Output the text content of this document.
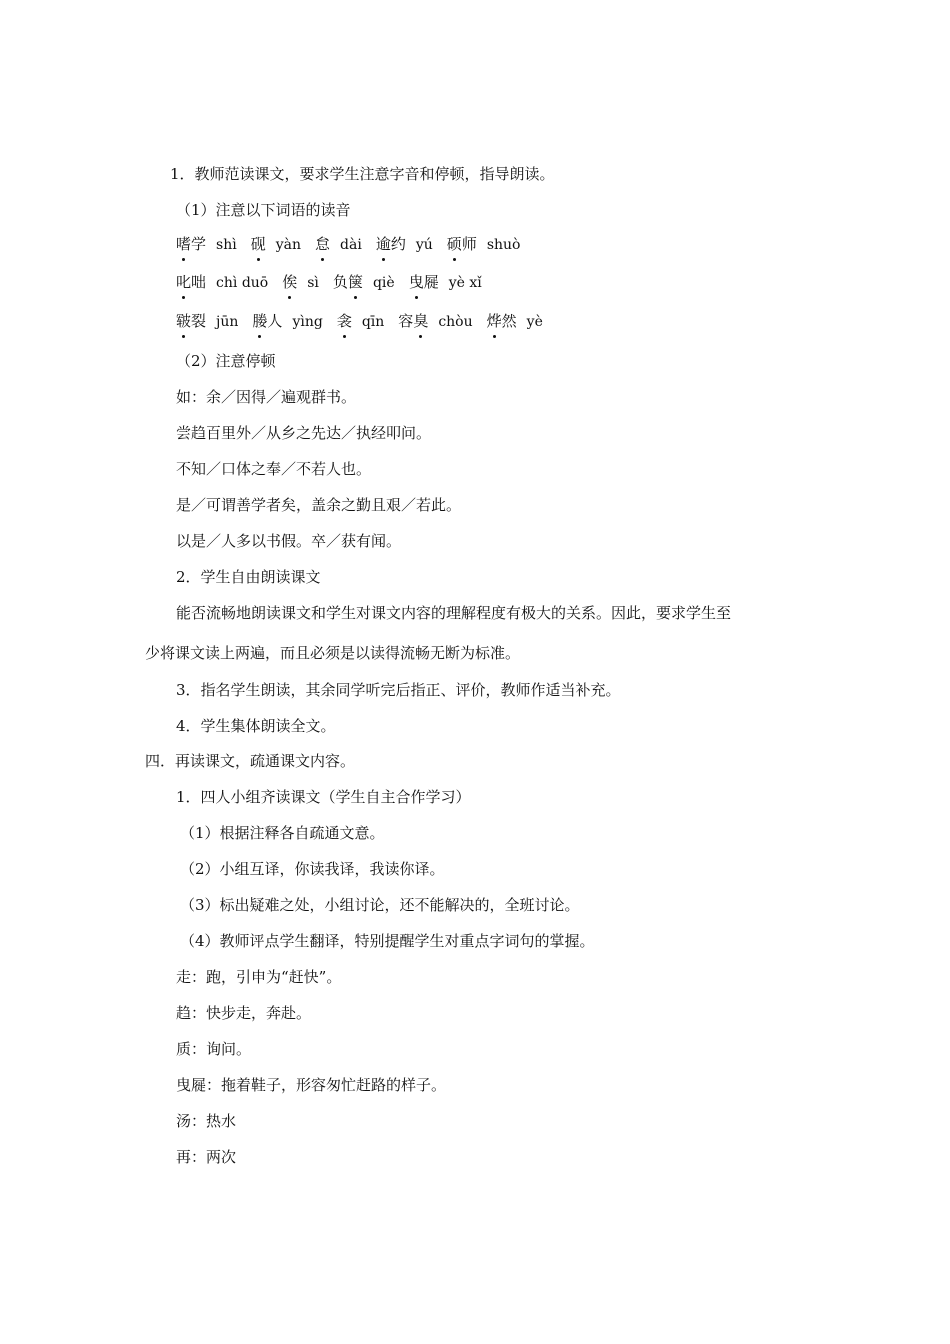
1．教师范读课文，要求学生注意字音和停顿，指导朗读。
（1）注意以下词语的读音
嗜学 shì 砚 yàn 怠 dài 逾约 yú 硕师 shuò
叱咄 chì duō 俟 sì 负箧 qiè 曳屣 yè xǐ
皲裂 jūn 媵人 yìng 衾 qīn 容臭 chòu 烨然 yè
（2）注意停顿
如：余／因得／遍观群书。
尝趋百里外／从乡之先达／执经叩问。
不知／口体之奉／不若人也。
是／可谓善学者矣，盖余之勤且艰／若此。
以是／人多以书假。卒／获有闻。
2．学生自由朗读课文
能否流畅地朗读课文和学生对课文内容的理解程度有极大的关系。因此，要求学生至
少将课文读上两遍，而且必须是以读得流畅无断为标准。
3．指名学生朗读，其余同学听完后指正、评价，教师作适当补充。
4．学生集体朗读全文。
四．再读课文，疏通课文内容。
1．四人小组齐读课文（学生自主合作学习）
（1）根据注释各自疏通文意。
（2）小组互译，你读我译，我读你译。
（3）标出疑难之处，小组讨论，还不能解决的，全班讨论。
（4）教师评点学生翻译，特别提醒学生对重点字词句的掌握。
走：跑，引申为“赶快”。
趋：快步走，奔赴。
质：询问。
曳屣：拖着鞋子，形容匆忙赶路的样子。
汤：热水
再：两次
